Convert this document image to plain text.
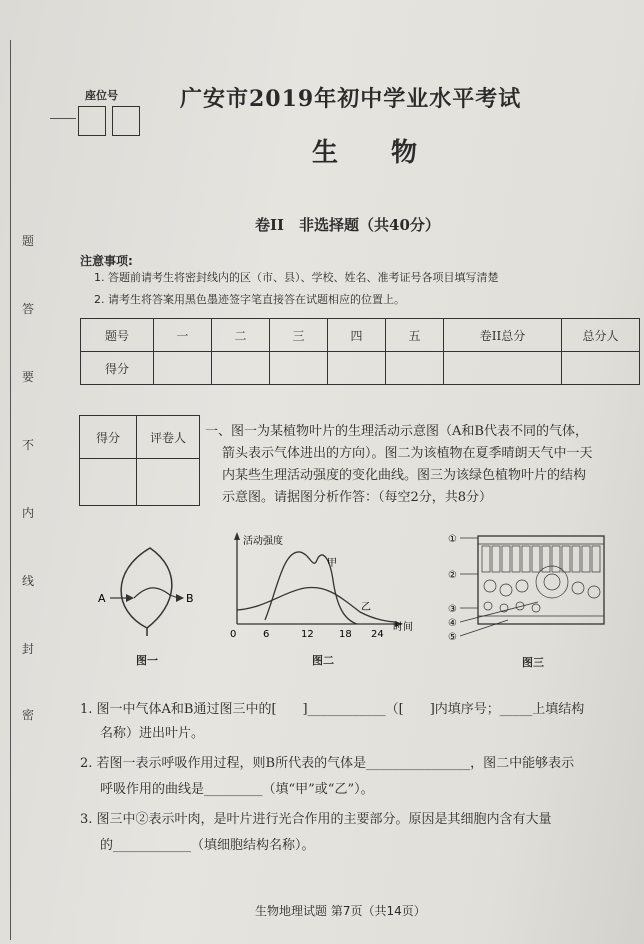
题
答
要
不
内
线
封
密
座位号	广安市2019年初中学业水平考试
生 物
卷II　非选择题（共40分）
注意事项:
1. 答题前请考生将密封线内的区（市、县）、学校、姓名、准考证号各项目填写清楚
2. 请考生将答案用黑色墨迹签字笔直接答在试题相应的位置上。
题号	一	二	三	四	五	卷II总分	总分人
得分							
得分	评卷人
	一、图一为某植物叶片的生理活动示意图（A和B代表不同的气体，
箭头表示气体进出的方向）。图二为该植物在夏季晴朗天气中一天
内某些生理活动强度的变化曲线。图三为该绿色植物叶片的结构
示意图。请据图分析作答：（每空2分，共8分）
A	B
图一
活动强度
时间
甲
乙
0	6	12	18 24
图二
①
②
③
④
⑤
图三
1. 图一中气体A和B通过图三中的[　　]____________（[　　]内填序号；_____上填结构
名称）进出叶片。
2. 若图一表示呼吸作用过程，则B所代表的气体是________________，图二中能够表示
呼吸作用的曲线是_________（填“甲”或“乙”）。
3. 图三中②表示叶肉，是叶片进行光合作用的主要部分。原因是其细胞内含有大量
的____________（填细胞结构名称）。
生物地理试题 第7页（共14页）
